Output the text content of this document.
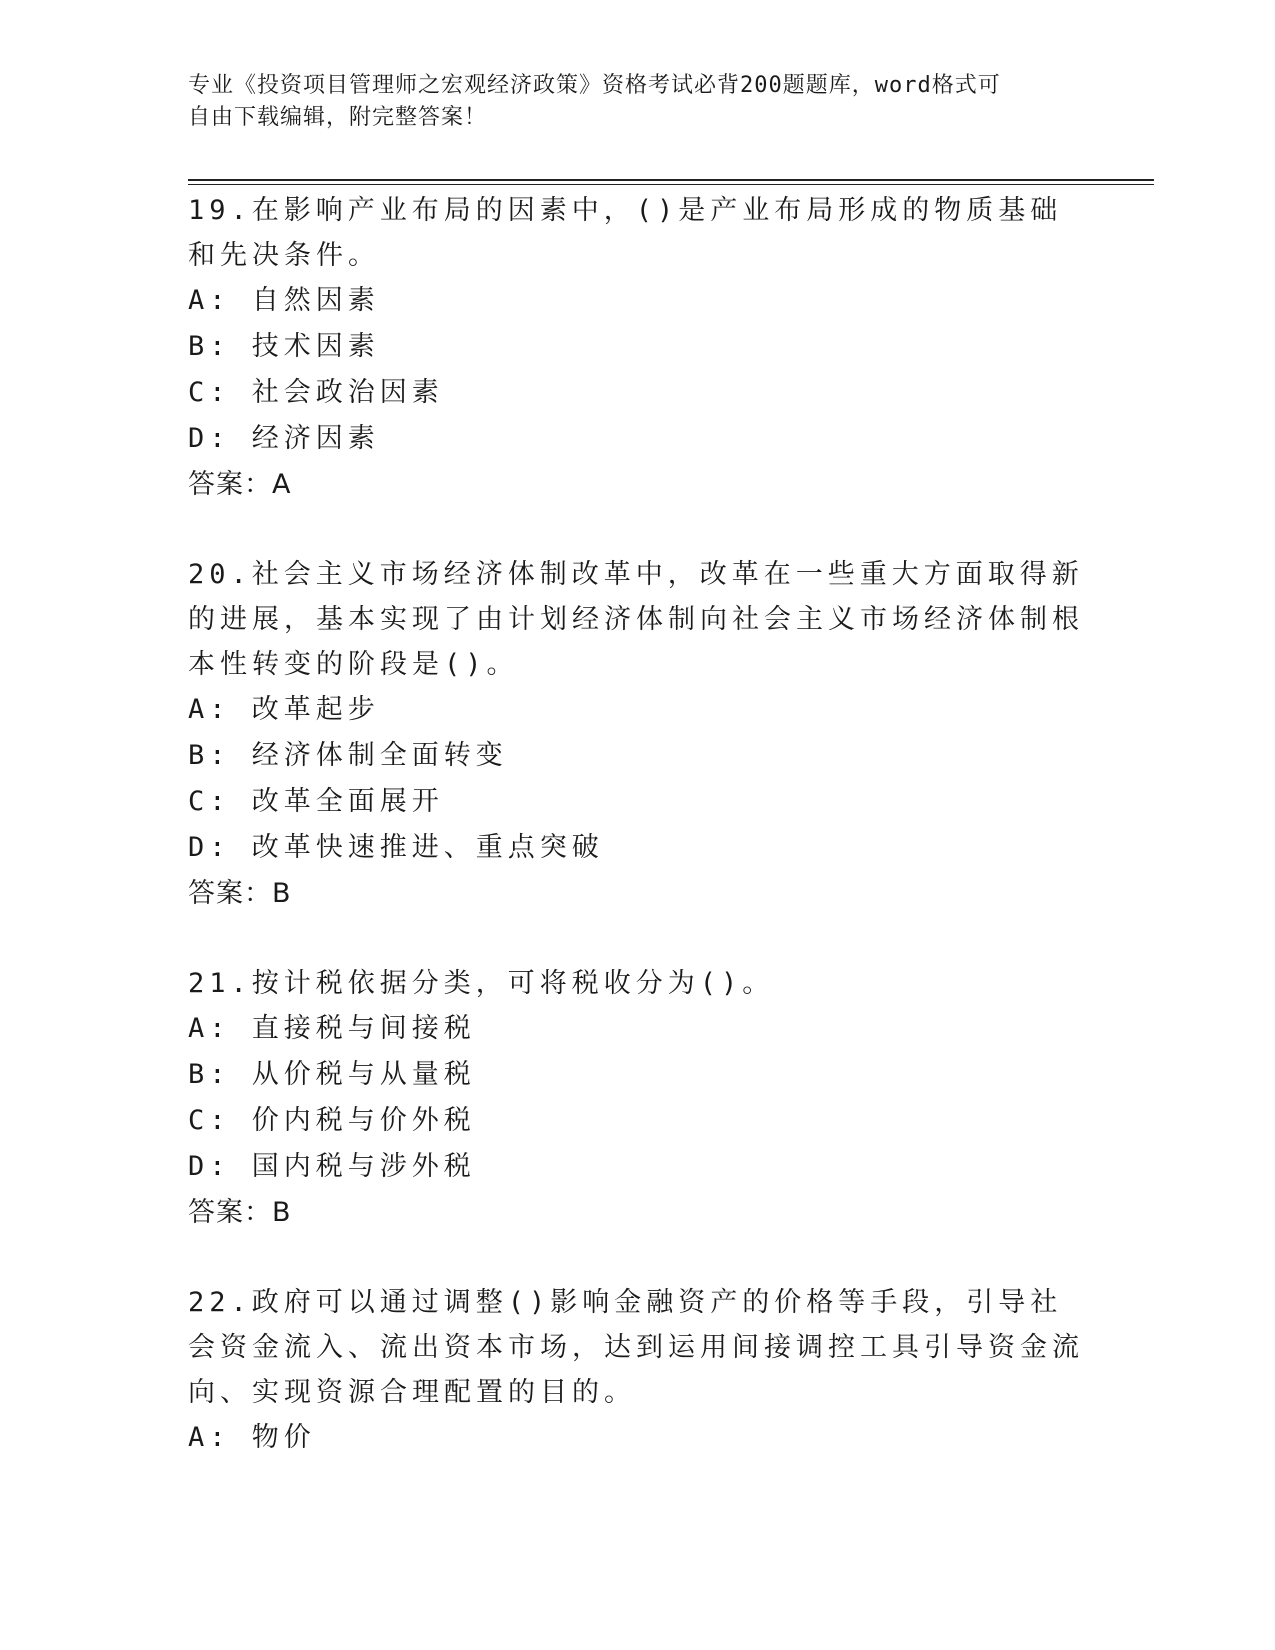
专业《投资项目管理师之宏观经济政策》资格考试必背200题题库，word格式可
自由下载编辑，附完整答案！
19.在影响产业布局的因素中，()是产业布局形成的物质基础和先决条件。
A: 自然因素
B: 技术因素
C: 社会政治因素
D: 经济因素
答案：A
20.社会主义市场经济体制改革中，改革在一些重大方面取得新的进展，基本实现了由计划经济体制向社会主义市场经济体制根本性转变的阶段是()。
A: 改革起步
B: 经济体制全面转变
C: 改革全面展开
D: 改革快速推进、重点突破
答案：B
21.按计税依据分类，可将税收分为()。
A: 直接税与间接税
B: 从价税与从量税
C: 价内税与价外税
D: 国内税与涉外税
答案：B
22.政府可以通过调整()影响金融资产的价格等手段，引导社会资金流入、流出资本市场，达到运用间接调控工具引导资金流向、实现资源合理配置的目的。
A: 物价
